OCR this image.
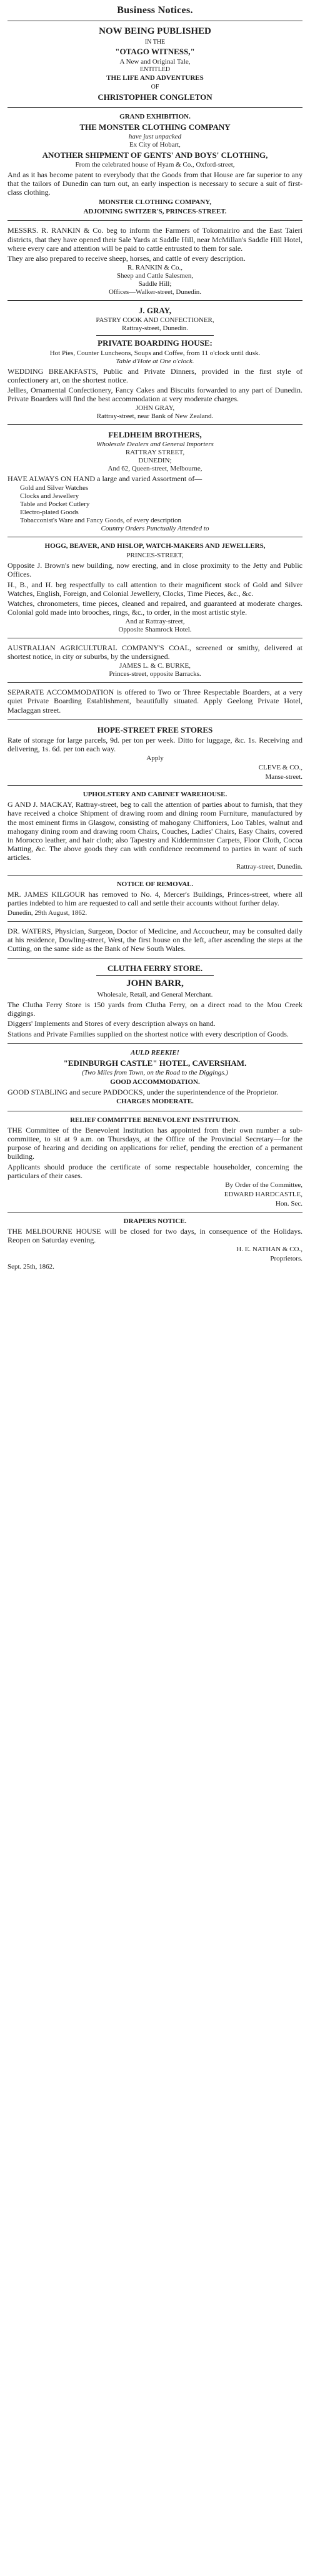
Business Notices.
NOW BEING PUBLISHED
IN THE
"OTAGO WITNESS,"
A New and Original Tale,
ENTITLED
THE LIFE AND ADVENTURES
OF
CHRISTOPHER CONGLETON
GRAND EXHIBITION.
THE MONSTER CLOTHING COMPANY
have just unpacked
Ex City of Hobart,
ANOTHER SHIPMENT OF GENTS' AND BOYS' CLOTHING,
From the celebrated house of Hyam & Co., Oxford-street,
And as it has become patent to everybody that the Goods from that House are far superior to any that the tailors of Dunedin can turn out, an early inspection is necessary to secure a suit of first-class clothing.
MONSTER CLOTHING COMPANY,
ADJOINING SWITZER'S, PRINCES-STREET.
MESSRS. R. RANKIN & Co. beg to inform the Farmers of Tokomairiro and the East Taieri districts, that they have opened their Sale Yards at Saddle Hill, near McMillan's Saddle Hill Hotel, where every care and attention will be paid to cattle entrusted to them for sale.
They are also prepared to receive sheep, horses, and cattle of every description.
R. RANKIN & Co.,
Sheep and Cattle Salesmen,
Saddle Hill;
Offices—Walker-street, Dunedin.
J. GRAY,
PASTRY COOK AND CONFECTIONER,
Rattray-street, Dunedin.
PRIVATE BOARDING HOUSE:
Hot Pies, Counter Luncheons, Soups and Coffee, from 11 o'clock until dusk.
Table d'Hote at One o'clock.
WEDDING BREAKFASTS, Public and Private Dinners, provided in the first style of confectionery art, on the shortest notice.
Jellies, Ornamental Confectionery, Fancy Cakes and Biscuits forwarded to any part of Dunedin. Private Boarders will find the best accommodation at very moderate charges.
JOHN GRAY,
Rattray-street, near Bank of New Zealand.
FELDHEIM BROTHERS,
Wholesale Dealers and General Importers
RATTRAY STREET,
DUNEDIN;
And 62, Queen-street, Melbourne,
HAVE ALWAYS ON HAND a large and varied Assortment of—
Gold and Silver Watches
Clocks and Jewellery
Table and Pocket Cutlery
Electro-plated Goods
Tobacconist's Ware and Fancy Goods, of every description
Country Orders Punctually Attended to
HOGG, BEAVER, AND HISLOP, WATCH-MAKERS AND JEWELLERS,
PRINCES-STREET,
Opposite J. Brown's new building, now erecting, and in close proximity to the Jetty and Public Offices.
H., B., and H. beg respectfully to call attention to their magnificent stock of Gold and Silver Watches, English, Foreign, and Colonial Jewellery, Clocks, Time Pieces, &c., &c.
Watches, chronometers, time pieces, cleaned and repaired, and guaranteed at moderate charges. Colonial gold made into brooches, rings, &c., to order, in the most artistic style.
And at Rattray-street,
Opposite Shamrock Hotel.
AUSTRALIAN AGRICULTURAL COMPANY'S COAL, screened or smithy, delivered at shortest notice, in city or suburbs, by the undersigned.
JAMES L. & C. BURKE,
Princes-street, opposite Barracks.
SEPARATE ACCOMMODATION is offered to Two or Three Respectable Boarders, at a very quiet Private Boarding Establishment, beautifully situated. Apply Geelong Private Hotel, Maclaggan street.
HOPE-STREET FREE STORES
Rate of storage for large parcels, 9d. per ton per week. Ditto for luggage, &c. 1s. Receiving and delivering, 1s. 6d. per ton each way.
Apply
CLEVE & CO.,
Manse-street.
UPHOLSTERY AND CABINET WAREHOUSE.
G AND J. MACKAY, Rattray-street, beg to call the attention of parties about to furnish, that they have received a choice Shipment of drawing room and dining room Furniture, manufactured by the most eminent firms in Glasgow, consisting of mahogany Chiffoniers, Loo Tables, walnut and mahogany dining room and drawing room Chairs, Couches, Ladies' Chairs, Easy Chairs, covered in Morocco leather, and hair cloth; also Tapestry and Kidderminster Carpets, Floor Cloth, Cocoa Matting, &c. The above goods they can with confidence recommend to parties in want of such articles.
Rattray-street, Dunedin.
NOTICE OF REMOVAL.
MR. JAMES KILGOUR has removed to No. 4, Mercer's Buildings, Princes-street, where all parties indebted to him are requested to call and settle their accounts without further delay.
Dunedin, 29th August, 1862.
DR. WATERS, Physician, Surgeon, Doctor of Medicine, and Accoucheur, may be consulted daily at his residence, Dowling-street, West, the first house on the left, after ascending the steps at the Cutting, on the same side as the Bank of New South Wales.
CLUTHA FERRY STORE.
JOHN BARR,
Wholesale, Retail, and General Merchant.
The Clutha Ferry Store is 150 yards from Clutha Ferry, on a direct road to the Mou Creek diggings.
Diggers' Implements and Stores of every description always on hand.
Stations and Private Families supplied on the shortest notice with every description of Goods.
AULD REEKIE!
"EDINBURGH CASTLE" HOTEL, CAVERSHAM.
(Two Miles from Town, on the Road to the Diggings.)
GOOD ACCOMMODATION.
GOOD STABLING and secure PADDOCKS, under the superintendence of the Proprietor.
CHARGES MODERATE.
RELIEF COMMITTEE BENEVOLENT INSTITUTION.
THE Committee of the Benevolent Institution has appointed from their own number a sub-committee, to sit at 9 a.m. on Thursdays, at the Office of the Provincial Secretary—for the purpose of hearing and deciding on applications for relief, pending the erection of a permanent building.
Applicants should produce the certificate of some respectable householder, concerning the particulars of their cases.
By Order of the Committee,
EDWARD HARDCASTLE,
Hon. Sec.
DRAPERS NOTICE.
THE MELBOURNE HOUSE will be closed for two days, in consequence of the Holidays. Reopen on Saturday evening.
H. E. NATHAN & CO.,
Proprietors.
Sept. 25th, 1862.
